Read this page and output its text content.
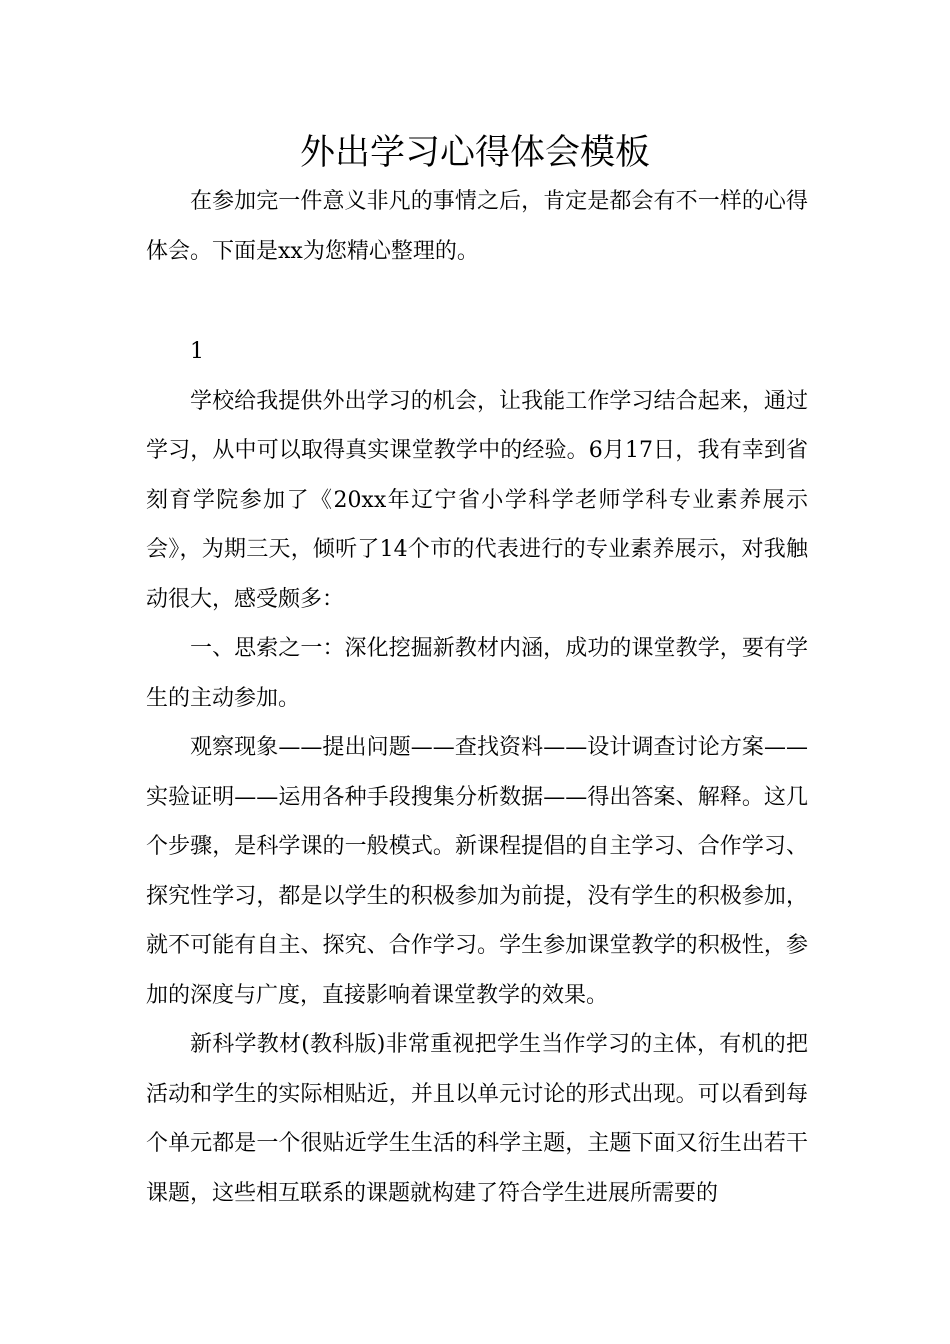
外出学习心得体会模板

在参加完一件意义非凡的事情之后，肯定是都会有不一样的心得体会。下面是xx为您精心整理的。

1

学校给我提供外出学习的机会，让我能工作学习结合起来，通过学习，从中可以取得真实课堂教学中的经验。6月17日，我有幸到省刻育学院参加了《20xx年辽宁省小学科学老师学科专业素养展示会》，为期三天，倾听了14个市的代表进行的专业素养展示，对我触动很大，感受颇多：

一、思索之一：深化挖掘新教材内涵，成功的课堂教学，要有学生的主动参加。

观察现象——提出问题——查找资料——设计调查讨论方案——实验证明——运用各种手段搜集分析数据——得出答案、解释。这几个步骤，是科学课的一般模式。新课程提倡的自主学习、合作学习、探究性学习，都是以学生的积极参加为前提，没有学生的积极参加，就不可能有自主、探究、合作学习。学生参加课堂教学的积极性，参加的深度与广度，直接影响着课堂教学的效果。

新科学教材(教科版)非常重视把学生当作学习的主体，有机的把活动和学生的实际相贴近，并且以单元讨论的形式出现。可以看到每个单元都是一个很贴近学生生活的科学主题，主题下面又衍生出若干课题，这些相互联系的课题就构建了符合学生进展所需要的
